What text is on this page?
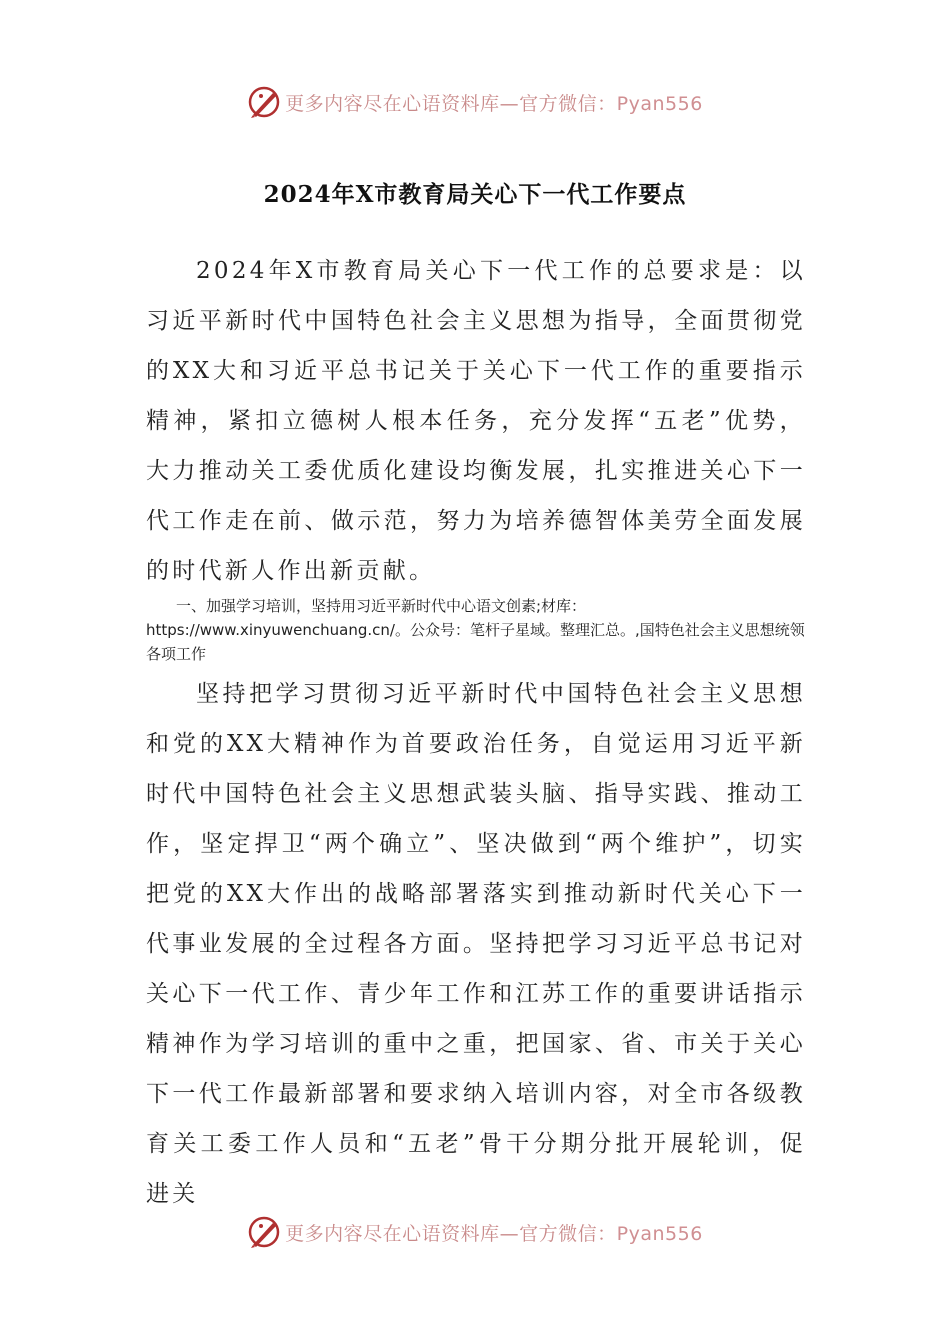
更多内容尽在心语资料库—官方微信：Pyan556
2024年X市教育局关心下一代工作要点

2024年X市教育局关心下一代工作的总要求是：以习近平新时代中国特色社会主义思想为指导，全面贯彻党的XX大和习近平总书记关于关心下一代工作的重要指示精神，紧扣立德树人根本任务，充分发挥“五老”优势，大力推动关工委优质化建设均衡发展，扎实推进关心下一代工作走在前、做示范，努力为培养德智体美劳全面发展的时代新人作出新贡献。

一、加强学习培训，坚持用习近平新时代中心语文创素;材库：https://www.xinyuwenchuang.cn/。公众号：笔杆子星域。整理汇总。,国特色社会主义思想统领各项工作

坚持把学习贯彻习近平新时代中国特色社会主义思想和党的XX大精神作为首要政治任务，自觉运用习近平新时代中国特色社会主义思想武装头脑、指导实践、推动工作，坚定捍卫“两个确立”、坚决做到“两个维护”，切实把党的XX大作出的战略部署落实到推动新时代关心下一代事业发展的全过程各方面。坚持把学习习近平总书记对关心下一代工作、青少年工作和江苏工作的重要讲话指示精神作为学习培训的重中之重，把国家、省、市关于关心下一代工作最新部署和要求纳入培训内容，对全市各级教育关工委工作人员和“五老”骨干分期分批开展轮训，促进关

更多内容尽在心语资料库—官方微信：Pyan556
